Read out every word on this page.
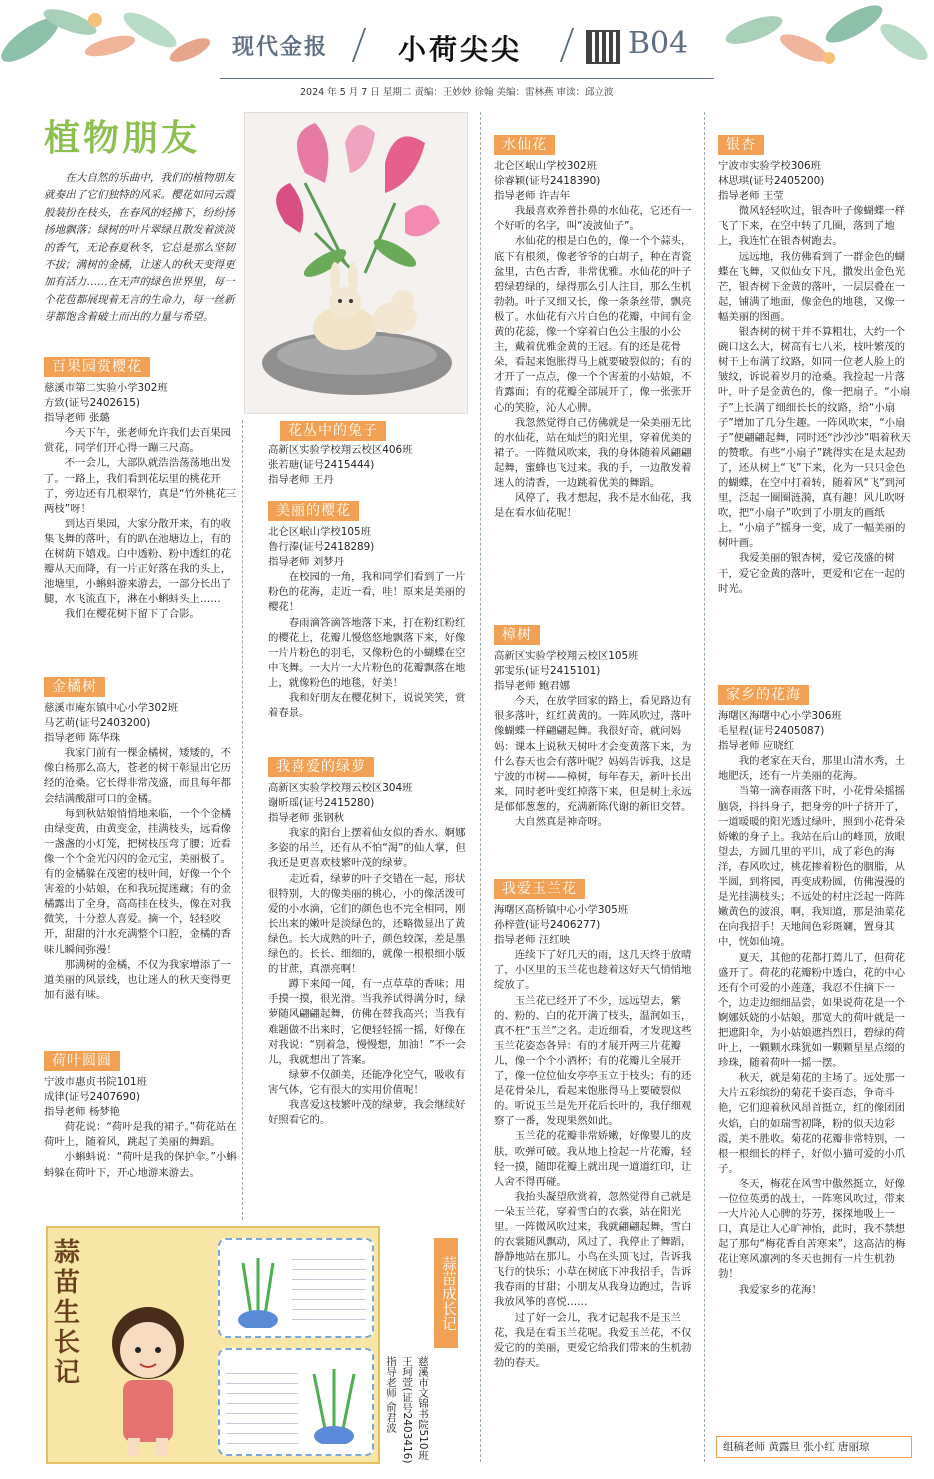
现代金报 小荷尖尖	B04
2024 年 5 月 7 日 星期二 责编：王妙妙 徐翰 美编：雷林燕 审读：邱立波
植物朋友
在大自然的乐曲中，我们的植物朋友就奏出了它们独特的风采。樱花如同云霞般装扮在枝头，在春风的轻拂下，纷纷扬扬地飘落；绿树的叶片翠绿且散发着淡淡的香气，无论春夏秋冬，它总是那么坚韧不拔；满树的金橘，让迷人的秋天变得更加有活力……在无声的绿色世界里，每一个花苞都展现着无言的生命力，每一丝新芽都饱含着破土而出的力量与希望。
百果园赏樱花
慈溪市第二实验小学302班
方致(证号2402615)
指导老师 张璐

今天下午，张老师允许我们去百果园赏花，同学们开心得一蹦三尺高。

不一会儿，大部队就浩浩荡荡地出发了。一路上，我们看到花坛里的桃花开了，旁边还有几根翠竹，真是“竹外桃花三两枝”呀！

到达百果园，大家分散开来，有的收集飞舞的落叶，有的趴在池塘边上，有的在树荫下嬉戏。白中透粉、粉中透红的花瓣从天而降，有一片正好落在我的头上，池塘里，小蝌蚪游来游去，一部分长出了腿，水飞流直下，淋在小蝌蚪头上……

我们在樱花树下留下了合影。

金橘树
慈溪市庵东镇中心小学302班
马艺萌(证号2403200)
指导老师 陈华珠

我家门前有一棵金橘树，矮矮的，不像白杨那么高大，苍老的树干彰显出它历经的沧桑。它长得非常茂盛，而且每年都会结满酸甜可口的金橘。

每到秋姑娘悄悄地来临，一个个金橘由绿变黄，由黄变金，挂满枝头，远看像一盏盏的小灯笼，把树枝压弯了腰；近看像一个个金光闪闪的金元宝，美丽极了。有的金橘躲在茂密的枝叶间，好像一个个害羞的小姑娘，在和我玩捉迷藏；有的金橘露出了全身，高高挂在枝头，像在对我微笑，十分惹人喜爱。摘一个，轻轻咬开，甜甜的汁水充满整个口腔，金橘的香味儿瞬间弥漫！

那满树的金橘，不仅为我家增添了一道美丽的风景线，也让迷人的秋天变得更加有滋有味。

荷叶圆圆
宁波市惠贞书院101班
成律(证号2407690)
指导老师 杨梦艳

荷花说：“荷叶是我的裙子。”荷花站在荷叶上，随着风，跳起了美丽的舞蹈。

小蝌蚪说：“荷叶是我的保护伞。”小蝌蚪躲在荷叶下，开心地游来游去。

花丛中的兔子
高新区实验学校翔云校区406班
张若瑭(证号2415444)
指导老师 王丹
美丽的樱花
北仑区岷山学校105班
鲁行溱(证号2418289)
指导老师 刘梦丹

在校园的一角，我和同学们看到了一片粉色的花海，走近一看，哇！原来是美丽的樱花！

春雨滴答滴答地落下来，打在粉红粉红的樱花上，花瓣儿慢悠悠地飘落下来，好像一片片粉色的羽毛，又像粉色的小蝴蝶在空中飞舞。一大片一大片粉色的花瓣飘落在地上，就像粉色的地毯，好美！

我和好朋友在樱花树下，说说笑笑，赏着春景。

我喜爱的绿萝
高新区实验学校翔云校区304班
谢昕瑶(证号2415280)
指导老师 张钢秋

我家的阳台上摆着仙女似的香水、婀娜多姿的吊兰，还有从不怕“渴”的仙人掌，但我还是更喜欢枝繁叶茂的绿萝。

走近看，绿萝的叶子交错在一起，形状很特别，大的像美丽的桃心，小的像活泼可爱的小水滴，它们的颜色也不完全相同，刚长出来的嫩叶是淡绿色的，还略微显出了黄绿色。长大成熟的叶子，颜色较深，差是墨绿色的。长长、细细的，就像一根根细小版的甘蔗，真漂亮啊！

蹲下来闻一闻，有一点草草的香味；用手摸一摸，很光滑。当我养试得满分时，绿萝随风翩翩起舞，仿佛在替我高兴；当我有难题做不出来时，它便轻轻摇一摇，好像在对我说：“别着急，慢慢想，加油！”不一会儿，我就想出了答案。

绿萝不仅颜美，还能净化空气，吸收有害气体，它有很大的实用价值呢！

我喜爱这枝繁叶茂的绿萝，我会继续好好照看它的。

蒜苗生长记
蒜苗成长记
慈溪市文锦书院510班
王珂萱(证号2403416)
指导老师 俞君波
水仙花
北仑区岷山学校302班
徐睿颖(证号2418390)
指导老师 许吉年

我最喜欢养普扑鼻的水仙花，它还有一个好听的名字，叫“凌波仙子”。

水仙花的根是白色的，像一个个蒜头，底下有根须，像老爷爷的白胡子，种在青瓷盆里，古色古香，非常优雅。水仙花的叶子碧绿碧绿的，绿得那么引人注目，那么生机勃勃。叶子又细又长，像一条条丝带，飘亮极了。水仙花有六片白色的花瓣，中间有金黄的花蕊，像一个穿着白色公主服的小公主，戴着优雅金黄的王冠。有的还是花骨朵，看起来饱胀得马上就要破裂似的；有的才开了一点点，像一个个害羞的小姑娘，不肯露面；有的花瓣全部展开了，像一张张开心的笑脸，沁人心脾。

我忽然觉得自己仿佛就是一朵美丽无比的水仙花，站在灿烂的阳光里，穿着优美的裙子。一阵微风吹来，我的身体随着风翩翩起舞，蜜蜂也飞过来。我的手，一边散发着迷人的清香，一边跳着优美的舞蹈。

风停了，我才想起，我不是水仙花，我是在看水仙花呢！

樟树
高新区实验学校翔云校区105班
郭雯乐(证号2415101)
指导老师 鲍君娜

今天，在放学回家的路上，看见路边有很多落叶，红红黄黄的。一阵风吹过，落叶像蝴蝶一样翩翩起舞。我很好奇，就问妈妈：课本上说秋天树叶才会变黄落下来，为什么春天也会有落叶呢？妈妈告诉我，这是宁波的市树——樟树，每年春天，新叶长出来，同时老叶变红掉落下来，但是树上永远是郁郁葱葱的，充满新陈代谢的新旧交替。

大自然真是神奇呀。

我爱玉兰花
海曙区高桥镇中心小学305班
孙梓萱(证号2406277)
指导老师 汪红映

连续下了好几天的雨，这几天终于放晴了，小区里的玉兰花也趁着这好天气悄悄地绽放了。

玉兰花已经开了不少，远远望去，紫的、粉的、白的花开满了枝头，温润如玉，真不枉“玉兰”之名。走近细看，才发现这些玉兰花姿态各异：有的才展开两三片花瓣儿，像一个个小酒杯；有的花瓣儿全展开了，像一位位仙女亭亭玉立于枝头；有的还是花骨朵儿，看起来饱胀得马上要破裂似的。听说玉兰是先开花后长叶的，我仔细观察了一番，发现果然如此。

玉兰花的花瓣非常娇嫩，好像婴儿的皮肤，吹弹可破。我从地上捡起一片花瓣，轻轻一摸，随即花瓣上就出现一道道红印，让人舍不得再碰。

我抬头凝望欣赏着，忽然觉得自己就是一朵玉兰花，穿着雪白的衣裳，站在阳光里。一阵微风吹过来，我就翩翩起舞，雪白的衣裳随风飘动，风过了，我停止了舞蹈，静静地站在那儿。小鸟在头顶飞过，告诉我飞行的快乐；小草在树底下冲我招手，告诉我春雨的甘甜；小朋友从我身边跑过，告诉我放风筝的喜悦……

过了好一会儿，我才记起我不是玉兰花，我是在看玉兰花呢。我爱玉兰花，不仅爱它的的美丽，更爱它给我们带来的生机勃勃的春天。

银杏
宁波市实验学校306班
林思琪(证号2405200)
指导老师 王莹

微风轻轻吹过，银杏叶子像蝴蝶一样飞了下来，在空中转了几圈，落到了地上，我连忙在银杏树跑去。

远远地，我仿佛看到了一群金色的蝴蝶在飞舞，又似仙女下凡，撒发出金色光芒，银杏树下金黄的落叶，一层层叠在一起，铺满了地面，像金色的地毯，又像一幅美丽的图画。

银杏树的树干并不算粗壮，大约一个碗口这么大，树高有七八米，枝叶繁茂的树干上布满了纹路，如同一位老人脸上的皱纹，诉说着岁月的沧桑。我捡起一片落叶，叶子是金黄色的，像一把扇子。“小扇子”上长满了细细长长的纹路，给“小扇子”增加了几分生趣。一阵风吹来，“小扇子”便翩翩起舞，同时还“沙沙沙”唱着秋天的赞歌。有些“小扇子”跳得实在是太起劲了，还从树上“飞”下来，化为一只只金色的蝴蝶，在空中打着转，随着风“飞”到河里，泛起一圈圈涟漪，真有趣！风儿吹呀吹，把“小扇子”吹到了小朋友的画纸上，“小扇子”摇身一变，成了一幅美丽的树叶画。

我爱美丽的银杏树，爱它茂盛的树干，爱它金黄的落叶，更爱和它在一起的时光。

家乡的花海
海曙区海曙中心小学306班
毛星程(证号2405087)
指导老师 应晓红

我的老家在天台，那里山清水秀，土地肥沃，还有一片美丽的花海。

当第一滴春雨落下时，小花骨朵摇摇脑袋，抖抖身子，把身旁的叶子挤开了，一道暖暖的阳光透过绿叶，照到小花骨朵娇嫩的身子上。我站在后山的峰顶，放眼望去，方圆几里的平川，成了彩色的海洋，春风吹过，桃花掺着粉色的胭脂，从半圆，到将园，再变成粉圆，仿佛漫漫的是光挂满枝头；不远处的村庄泛起一阵阵嫩黄色的波浪，啊，我知道，那是油菜花在向我招手！天地间色彩斑斓，置身其中，恍如仙境。

夏天，其他的花都打蔫儿了，但荷花盛开了。荷花的花瓣粉中透白，花的中心还有个可爱的小莲蓬，我忍不住摘下一个，边走边细细品尝，如果说荷花是一个婀娜妖娆的小姑娘，那宽大的荷叶就是一把遮阳伞，为小姑娘遮挡烈日，碧绿的荷叶上，一颗颗水珠犹如一颗颗星星点缀的珍珠，随着荷叶一摇一摆。

秋天，就是菊花的主场了。远处那一大片五彩缤纷的菊花千姿百态，争奇斗艳，它们迎着秋风昂首挺立，红的像团团火焰，白的如瑞雪初降，粉的似天边彩霞，美不胜收。菊花的花瓣非常特别，一根一根细长的样子，好似小猫可爱的小爪子。

冬天，梅花在风雪中傲然挺立，好像一位位英勇的战士，一阵寒风吹过，带来一大片沁人心脾的芬芳，探探地吸上一口，真是让人心旷神怡，此时，我不禁想起了那句“梅花香自苦寒来”，这高洁的梅花让寒风凛冽的冬天也拥有一片生机勃勃！

我爱家乡的花海！

组稿老师 黄露旦 张小红 唐丽琼
